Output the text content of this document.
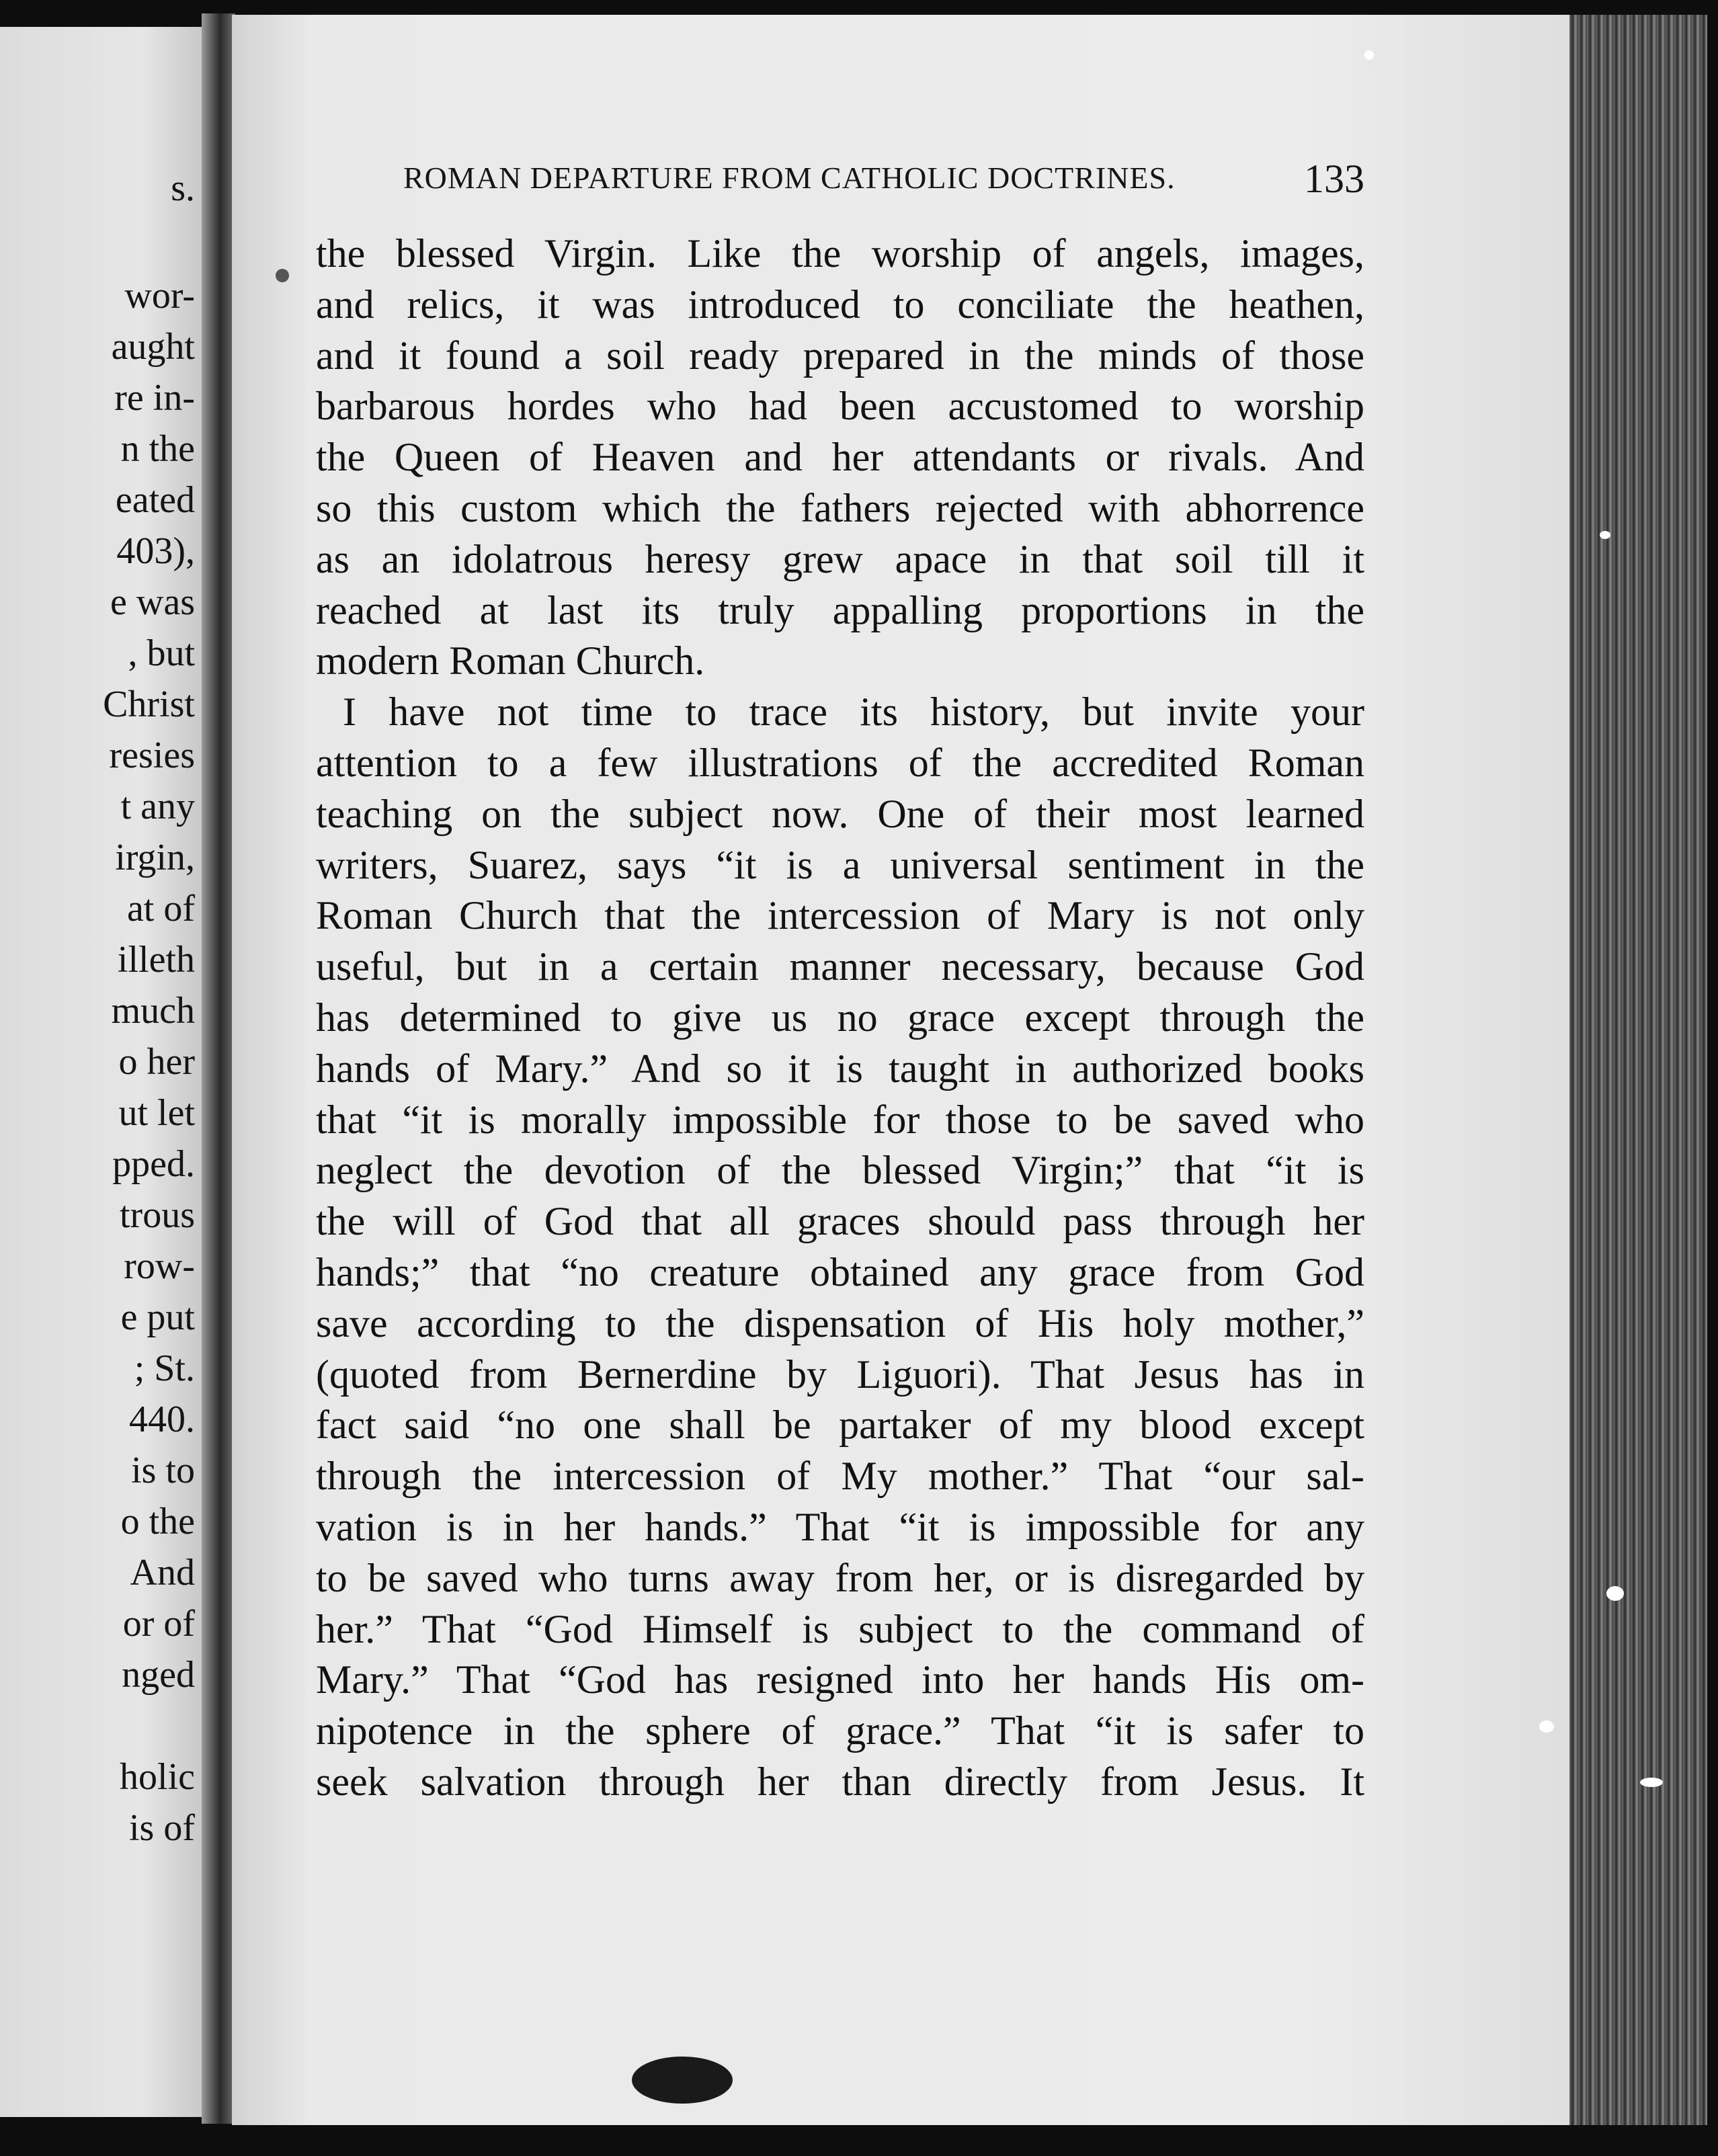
s.
wor-
aught
re in-
n the
eated
403),
e was
, but
Christ
resies
t any
irgin,
at of
illeth
much
o her
ut let
pped.
trous
row-
e put
; St.
440.
is to
o the
And
or of
nged
holic
is of
ROMAN DEPARTURE FROM CATHOLIC DOCTRINES.	133
the blessed Virgin. Like the worship of angels, images,
and relics, it was introduced to conciliate the heathen,
and it found a soil ready prepared in the minds of those
barbarous hordes who had been accustomed to worship
the Queen of Heaven and her attendants or rivals. And
so this custom which the fathers rejected with abhorrence
as an idolatrous heresy grew apace in that soil till it
reached at last its truly appalling proportions in the
modern Roman Church.
I have not time to trace its history, but invite your
attention to a few illustrations of the accredited Roman
teaching on the subject now. One of their most learned
writers, Suarez, says “it is a universal sentiment in the
Roman Church that the intercession of Mary is not only
useful, but in a certain manner necessary, because God
has determined to give us no grace except through the
hands of Mary.” And so it is taught in authorized books
that “it is morally impossible for those to be saved who
neglect the devotion of the blessed Virgin;” that “it is
the will of God that all graces should pass through her
hands;” that “no creature obtained any grace from God
save according to the dispensation of His holy mother,”
(quoted from Bernerdine by Liguori). That Jesus has in
fact said “no one shall be partaker of my blood except
through the intercession of My mother.” That “our sal-
vation is in her hands.” That “it is impossible for any
to be saved who turns away from her, or is disregarded by
her.” That “God Himself is subject to the command of
Mary.” That “God has resigned into her hands His om-
nipotence in the sphere of grace.” That “it is safer to
seek salvation through her than directly from Jesus. It
